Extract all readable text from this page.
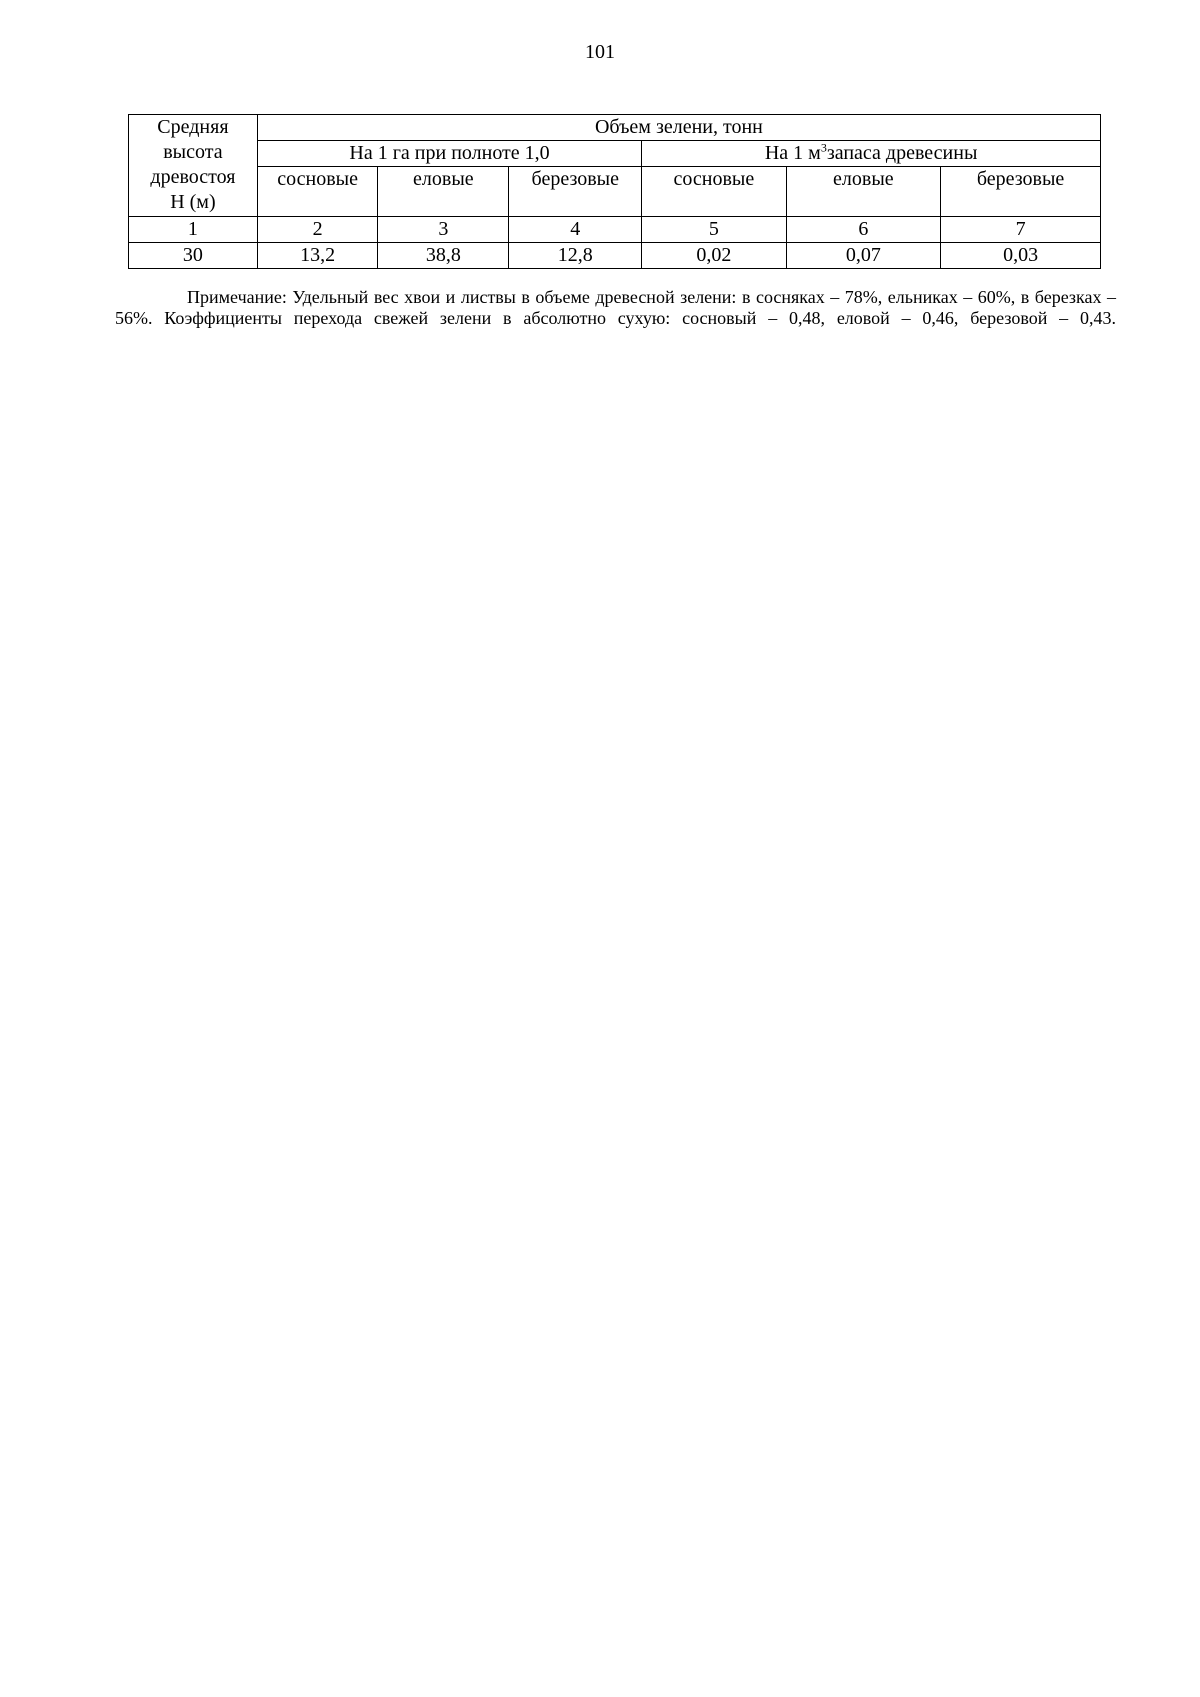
101
Средняя
высота
древостоя
H (м)	Объем зелени, тонн					
	На 1 га при полноте 1,0			На 1 $м^3запаса$ древесины		
	сосновые	еловые	березовые	сосновые	еловые	березовые
1	2	3	4	5	6	7
30	13,2	38,8	12,8	0,02	0,07	0,03
Примечание: Удельный вес хвои и листвы в объеме древесной зелени: в сосняках – 78%, ельниках – 60%, в березках – 56%. Коэффициенты перехода свежей зелени в абсолютно сухую: сосновый – 0,48, еловой – 0,46, березовой – 0,43.
